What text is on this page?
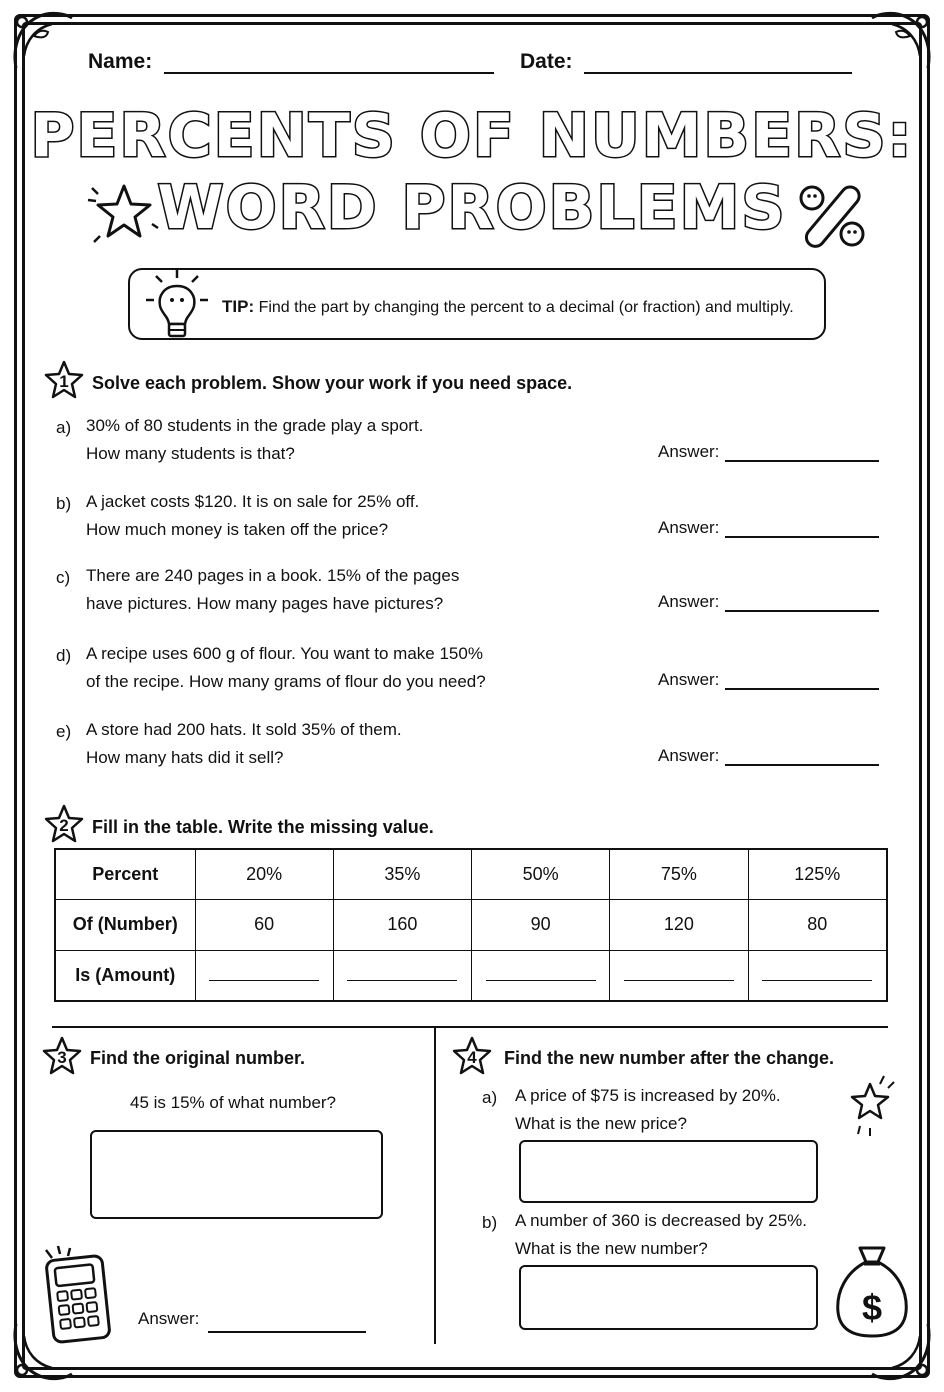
Name:	Date:
PERCENTS OF NUMBERS:
WORD PROBLEMS
TIP: Find the part by changing the percent to a decimal (or fraction) and multiply.
1 Solve each problem. Show your work if you need space.
a) 30% of 80 students in the grade play a sport.
How many students is that?	Answer:
b) A jacket costs $120. It is on sale for 25% off.
How much money is taken off the price?	Answer:
c) There are 240 pages in a book. 15% of the pages
have pictures. How many pages have pictures?	Answer:
d) A recipe uses 600 g of flour. You want to make 150%
of the recipe. How many grams of flour do you need?	Answer:
e) A store had 200 hats. It sold 35% of them.
How many hats did it sell?	Answer:
2 Fill in the table. Write the missing value.
Percent	20%	35%	50%	75%	125%
Of (Number)	60	160	90	120	80
Is (Amount)					
3 Find the original number.
45 is 15% of what number?
Answer:
4 Find the new number after the change.
a) A price of $75 is increased by 20%.
What is the new price?
b) A number of 360 is decreased by 25%.
What is the new number?
$
